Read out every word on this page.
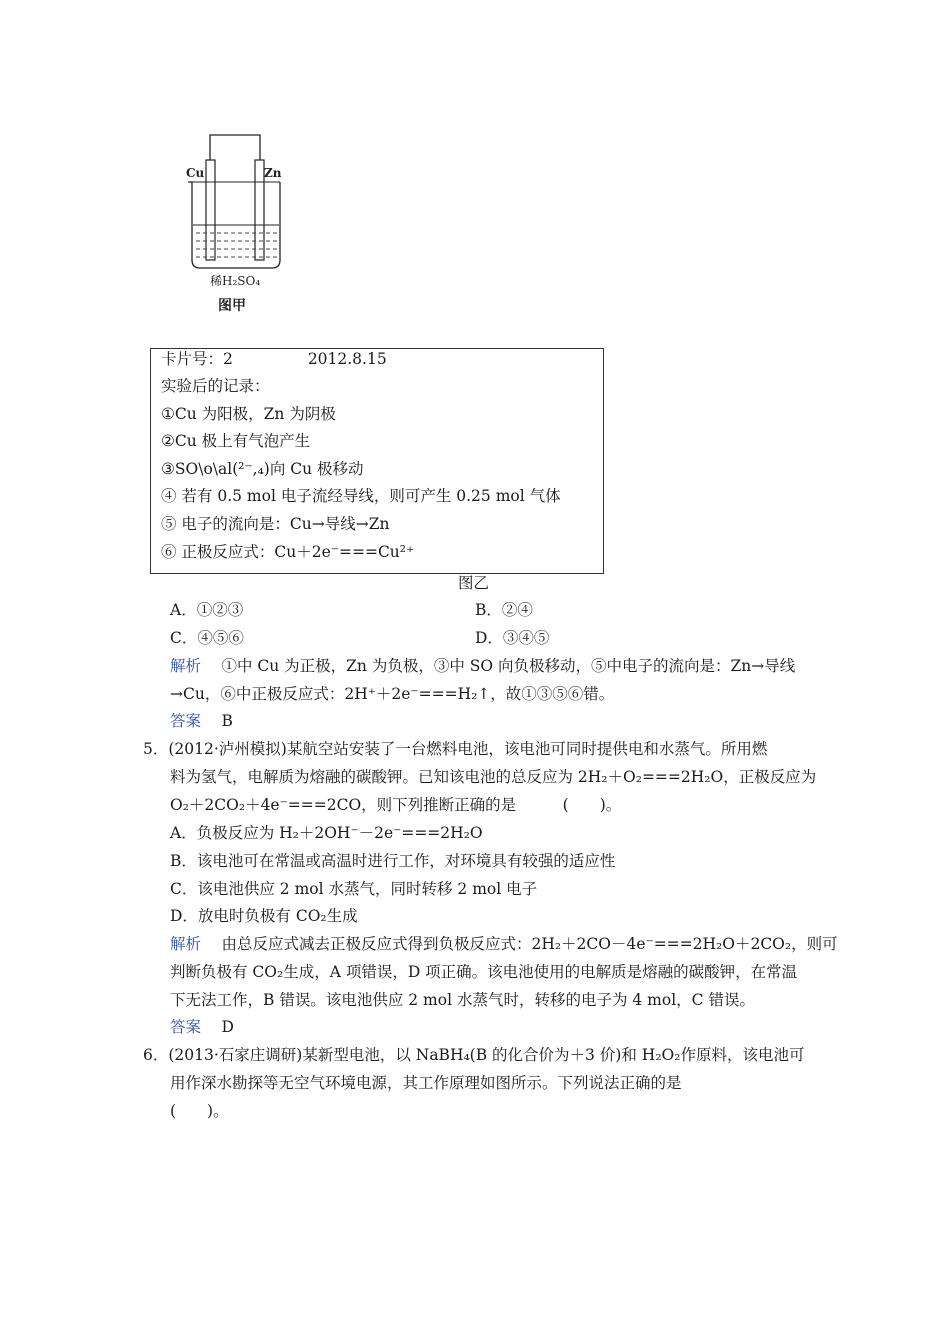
Cu	Zn
稀H₂SO₄
图甲
卡片号：2	2012.8.15
实验后的记录：
①Cu 为阳极，Zn 为阴极
②Cu 极上有气泡产生
③SO\o\al(²⁻,₄)向 Cu 极移动
④ 若有 0.5 mol 电子流经导线，则可产生 0.25 mol 气体
⑤ 电子的流向是：Cu→导线→Zn
⑥ 正极反应式：Cu＋2e⁻===Cu²⁺
图乙
A．①②③	B．②④
C．④⑤⑥	D．③④⑤
解析　 ①中 Cu 为正极，Zn 为负极，③中 SO 向负极移动，⑤中电子的流向是：Zn→导线
→Cu，⑥中正极反应式：2H⁺＋2e⁻===H₂↑，故①③⑤⑥错。
答案　 B
5．(2012·泸州模拟)某航空站安装了一台燃料电池，该电池可同时提供电和水蒸气。所用燃
料为氢气，电解质为熔融的碳酸钾。已知该电池的总反应为 2H₂＋O₂===2H₂O，正极反应为
O₂＋2CO₂＋4e⁻===2CO，则下列推断正确的是　　　(　　)。
A．负极反应为 H₂＋2OH⁻－2e⁻===2H₂O
B．该电池可在常温或高温时进行工作，对环境具有较强的适应性
C．该电池供应 2 mol 水蒸气，同时转移 2 mol 电子
D．放电时负极有 CO₂生成
解析　 由总反应式减去正极反应式得到负极反应式：2H₂＋2CO－4e⁻===2H₂O＋2CO₂，则可
判断负极有 CO₂生成，A 项错误，D 项正确。该电池使用的电解质是熔融的碳酸钾，在常温
下无法工作，B 错误。该电池供应 2 mol 水蒸气时，转移的电子为 4 mol，C 错误。
答案　 D
6．(2013·石家庄调研)某新型电池，以 NaBH₄(B 的化合价为＋3 价)和 H₂O₂作原料，该电池可
用作深水勘探等无空气环境电源，其工作原理如图所示。下列说法正确的是
(　　)。
